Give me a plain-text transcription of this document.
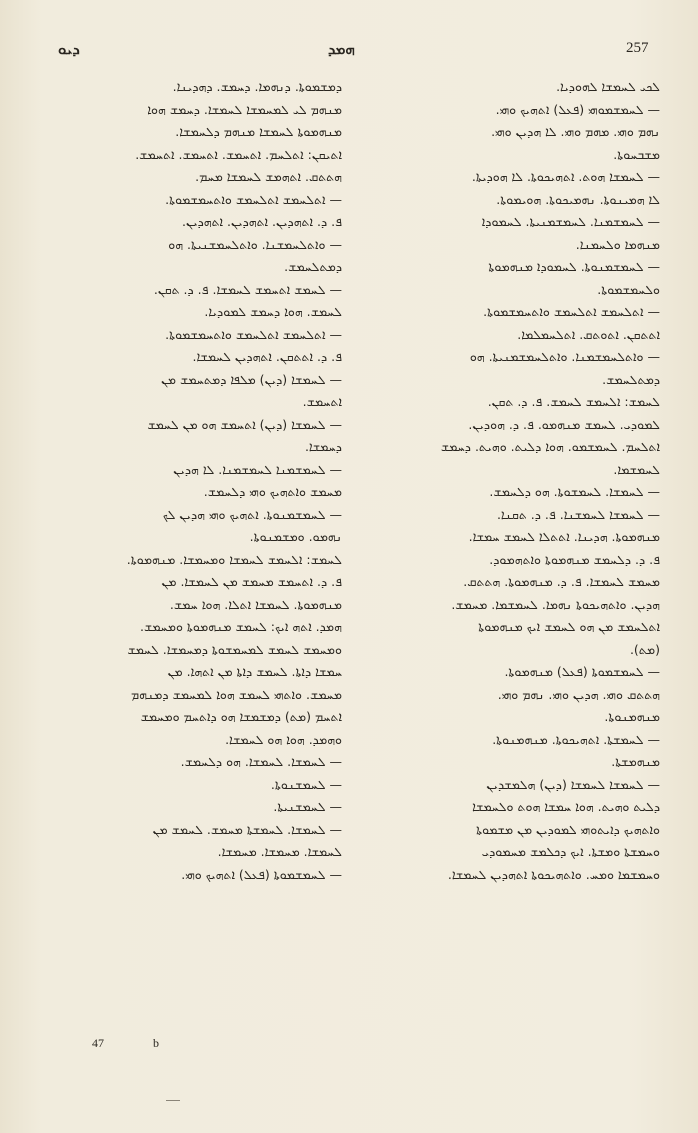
ܕܝܘ	ܗܡܕ	257

ܕܡܫܡܘܬܐ. ܕܢܗܡܐ. ܕܚܡܫ. ܕܗܕܝܢܐ.

ܡܢܗܡ ܠܝ ܠܡܚܡܫܐ ܠܚܡܫܐ. ܕܚܡܫ ܗܘܐ

ܡܢܗܡܘܬܐ ܠܚܡܫܐ ܡܢܗܡ ܕܠܚܡܫܐ.

ܐܬܝܩܢ: ܐܬܠܚܡ. ܐܬܚܡܫ. ܐܬܚܡܫ. ܐܬܚܡܫ.

ܗܬܬܩ. ܐܬܗܡܫ ܠܚܡܫܐ ܡܚܡ.

— ܐܬܠܚܡܫ ܐܬܠܚܡܫ ܘܐܬܚܡܫܡܘܬܐ.

ܦ. ܕ. ܐܬܗܕܝܢ. ܐܬܗܕܝܢ. ܐܬܗܕܝܢ.

— ܘܐܬܠܚܡܫܢܐ. ܘܐܬܠܚܡܫܢܝܬܐ. ܗܘ

ܕܡܬܠܚܡܫ.

— ܠܚܡܫ ܐܬܚܡܫ ܠܚܡܫܐ. ܦ. ܕ. ܬܩܢ.

ܠܚܡܫ. ܗܘܐ ܕܚܡܫ ܠܡܘܕܝܐ.

— ܐܬܠܚܡܫ ܐܬܠܚܡܫ ܘܐܬܚܡܫܡܘܬܐ.

ܦ. ܕ. ܐܬܬܩܢ. ܐܬܗܕܝܢ ܠܚܡܫܐ.

— ܠܚܡܫܐ (ܕܝܢ) ܡܠܦܐ ܕܡܬܚܡܫ ܡܢ

ܐܬܚܡܫ.

— ܠܚܡܫܐ (ܕܝܢ) ܐܬܚܡܫ ܗܘ ܡܢ ܠܚܡܫ

ܕܚܡܫܐ.

— ܠܚܡܫܡܢܐ ܠܚܡܫܡܢܐ. ܠܐ ܗܕܝܢ

ܡܚܡܫ ܘܐܬܗܝܟ ܘܗܝ ܕܠܚܡܫ.

— ܠܚܡܫܡܢܘܬܐ. ܐܬܗܝܟ ܘܗܝ ܗܕܝܢ ܠܟ

ܢܗܡܘ. ܘܡܫܡܢܘܬܐ.

ܠܚܡܫ: ܐܠܚܡܫ ܠܚܡܫܐ ܘܡܚܡܫܐ. ܡܢܗܡܘܬܐ.

ܦ. ܕ. ܐܬܚܡܫ ܡܚܡܫ ܡܢ ܠܚܡܫܐ. ܡܢ

ܡܢܗܡܘܬܐ. ܠܚܡܫܐ ܐܬܠܐ. ܗܘܐ ܚܡܫ.

ܗܡܕ. ܐܬܗ ܐܝܟ: ܠܚܡܫ ܡܢܗܡܘܬܐ ܘܡܚܡܫ.

ܘܡܚܡܫ ܠܚܡܫ ܠܡܚܡܫܘܬܐ ܕܡܚܡܫܐ. ܠܚܡܫ

ܚܡܫܐ ܕܐܬܐ. ܠܚܡܫ ܕܐܬܐ ܡܢ ܐܬܗܐ. ܡܢ

ܡܚܡܫ. ܘܐܬܗܝ ܠܚܡܫ ܗܘܐ ܠܡܚܡܫ ܕܡܢܗܡ

ܐܬܚܡ (ܡܬ) ܕܡܫܡܫܐ ܗܘ ܕܐܬܚܡ ܘܡܚܡܫ

ܘܗܡܕ. ܗܘܐ ܗܘ ܠܚܡܫܐ.

— ܠܚܡܫܐ. ܠܚܡܫܐ. ܗܘ ܕܠܚܡܫ.

— ܠܚܡܫܢܘܬܐ.

— ܠܚܡܫܢܝܬܐ.

— ܠܚܡܫܐ. ܠܚܡܫܬܐ ܡܚܡܫ. ܠܚܡܫ ܡܢ

ܠܚܡܫܐ. ܡܚܡܫܐ. ܡܚܡܫܐ.

— ܠܚܡܫܡܘܬܐ (ܦܥܠ) ܐܬܗܝܟ ܘܗܝ.

ܠܟܝ ܠܚܡܫܐ ܠܗܘܕܝܐ.

— ܠܚܡܫܡܘܗܝ (ܦܥܠ) ܐܬܗܝܟ ܘܗܝ.

ܢܗܡ ܘܗܝ. ܡܗܡ ܘܗܝ. ܠܐ ܗܕܝܢ ܘܗܝ.

ܡܫܒܚܘܬܐ.

— ܠܚܡܫܐ ܗܘܬ. ܐܬܗܝܟܘܬܐ. ܠܐ ܗܘܕܝܬܐ.

ܠܐ ܗܡܝܢܘܬܐ. ܢܗܡܝܟܘܬܐ. ܗܘܝܡܘܬܐ.

— ܠܚܡܫܡܢܐ. ܠܚܡܫܡܢܝܬܐ. ܠܚܡܘܕܐ

ܡܢܗܡܐ ܘܠܚܡܢܐ.

— ܠܚܡܫܡܢܘܬܐ. ܠܚܡܘܕܐ ܡܢܗܡܘܬܐ

ܘܠܚܡܫܡܘܬܐ.

— ܐܬܠܚܡܫ ܐܬܠܚܡܫ ܘܐܬܚܡܫܡܘܬܐ.

ܐܬܬܩܢ. ܐܬܘܬܩ. ܐܬܠܚܡܠܡܐ.

— ܘܐܬܠܚܡܫܡܢܐ. ܘܐܬܠܚܡܫܡܢܝܬܐ. ܗܘ

ܕܡܬܠܚܡܫ.

ܠܚܡܫ: ܐܠܚܡܫ ܠܚܡܫ. ܦ. ܕ. ܬܩܢ.

ܠܡܘܕܝ. ܠܚܡܫ ܡܢܗܡܘ. ܦ. ܕ. ܗܘܕܝܢ.

ܐܬܠܚܡ. ܠܚܡܫܡܘ. ܗܘܐ ܕܠܝܬ. ܘܗܝܬ. ܕܚܡܫ

ܠܚܡܫܡܐ.

— ܠܚܡܫܐ. ܠܚܡܫܘܬܐ. ܗܘ ܕܠܚܡܫ.

— ܠܚܡܫܐ ܠܚܡܫܢܐ. ܦ. ܕ. ܬܩܢܐ.

ܡܢܗܡܘܬܐ. ܗܕܝܢܐ. ܐܬܬܠܐ ܠܚܡܫ ܚܡܫܐ.

ܦ. ܕ. ܕܠܚܡܫ ܡܢܗܡܘܬܐ ܘܐܬܗܡܘܕ.

ܡܚܡܫ ܠܚܡܫܐ. ܦ. ܕ. ܡܢܗܡܘܬܐ. ܗܬܬܩ.

ܗܕܝܢ. ܘܐܬܗܝܟܘܬܐ ܢܗܡܐ. ܠܚܡܫܡܐ. ܡܚܡܫ.

ܐܬܠܚܡܫ ܡܢ ܗܘ ܠܚܡܫ ܐܝܟ ܡܢܗܡܘܬܐ

(ܡܬ).

— ܠܚܡܫܡܘܬܐ (ܦܥܠ) ܡܢܗܡܘܬܐ.

ܗܬܬܩ ܘܗܝ. ܗܕܝܢ ܘܗܝ. ܢܗܡ ܘܗܝ.

ܡܢܗܡܢܘܬܐ.

— ܠܚܡܫܬܐ. ܐܬܗܝܟܘܬܐ. ܡܢܗܡܢܘܬܐ.

ܡܢܗܡܫܬܐ.

— ܠܚܡܫܐ ܠܚܡܫܐ (ܕܝܢ) ܗܠܡܫܕܝܢ

ܕܠܝܬ ܘܗܝܬ. ܗܘܐ ܚܡܫܐ ܗܘܬ ܘܠܚܡܫܐ

ܘܐܬܗܝܟ ܕܐܝܬܘܗܝ ܠܡܘܕܝܢ ܡܢ ܡܫܡܘܬܐ

ܘܚܡܫܬܐ ܘܡܫܬܐ. ܐܝܟ ܕܟܠܡܫ ܡܚܡܘܕܝ

ܘܚܡܫܡܐ ܘܡܚ. ܘܐܬܗܝܟܘܬܐ ܐܬܗܕܝܢ ܠܚܡܫܐ.

47	b
